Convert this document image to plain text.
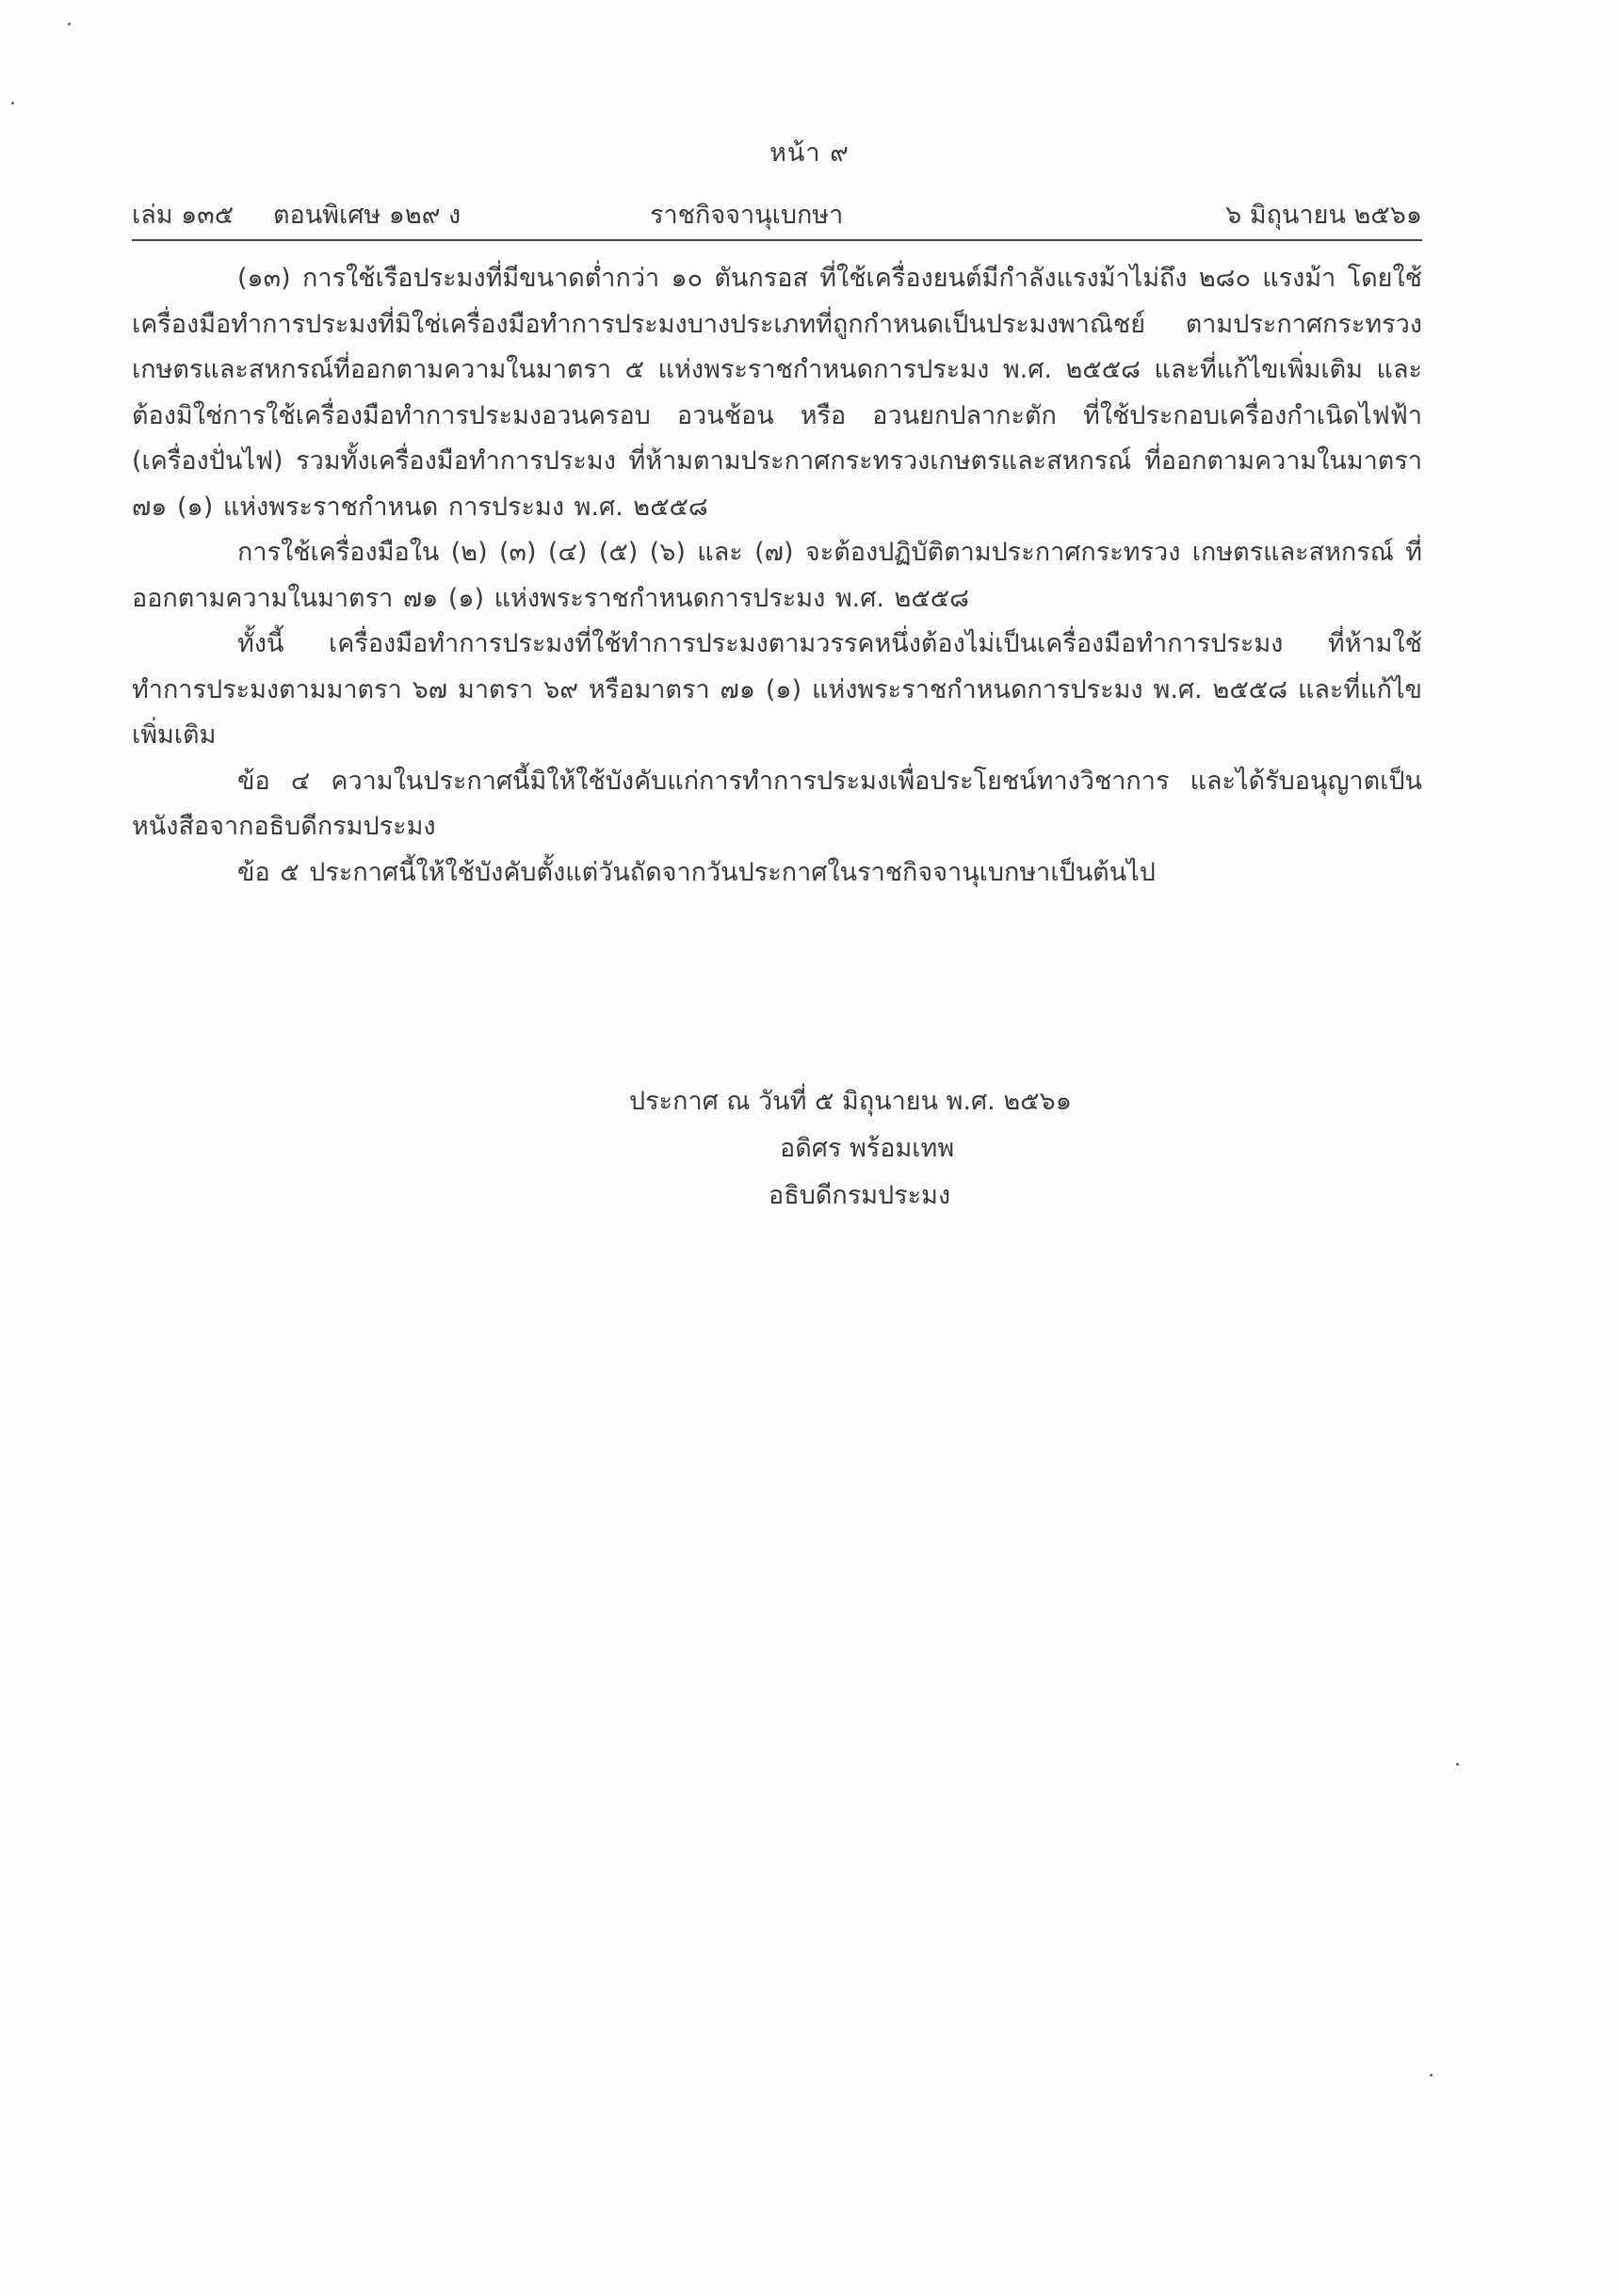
หน้า ๙
เล่ม ๑๓๕ ตอนพิเศษ ๑๒๙ ง	ราชกิจจานุเบกษา	๖ มิถุนายน ๒๕๖๑

(๑๓) การใช้เรือประมงที่มีขนาดต่ำกว่า ๑๐ ตันกรอส ที่ใช้เครื่องยนต์มีกำลังแรงม้าไม่ถึง ๒๘๐ แรงม้า โดยใช้เครื่องมือทำการประมงที่มิใช่เครื่องมือทำการประมงบางประเภทที่ถูกกำหนดเป็นประมงพาณิชย์ ตามประกาศกระทรวงเกษตรและสหกรณ์ที่ออกตามความในมาตรา ๕ แห่งพระราชกำหนดการประมง พ.ศ. ๒๕๕๘ และที่แก้ไขเพิ่มเติม และต้องมิใช่การใช้เครื่องมือทำการประมงอวนครอบ อวนช้อน หรือ อวนยกปลากะตัก ที่ใช้ประกอบเครื่องกำเนิดไฟฟ้า (เครื่องปั่นไฟ) รวมทั้งเครื่องมือทำการประมง ที่ห้ามตามประกาศกระทรวงเกษตรและสหกรณ์ ที่ออกตามความในมาตรา ๗๑ (๑) แห่งพระราชกำหนด การประมง พ.ศ. ๒๕๕๘

การใช้เครื่องมือใน (๒) (๓) (๔) (๕) (๖) และ (๗) จะต้องปฏิบัติตามประกาศกระทรวง เกษตรและสหกรณ์ ที่ออกตามความในมาตรา ๗๑ (๑) แห่งพระราชกำหนดการประมง พ.ศ. ๒๕๕๘

ทั้งนี้ เครื่องมือทำการประมงที่ใช้ทำการประมงตามวรรคหนึ่งต้องไม่เป็นเครื่องมือทำการประมง ที่ห้ามใช้ทำการประมงตามมาตรา ๖๗ มาตรา ๖๙ หรือมาตรา ๗๑ (๑) แห่งพระราชกำหนดการประมง พ.ศ. ๒๕๕๘ และที่แก้ไขเพิ่มเติม

ข้อ ๔ ความในประกาศนี้มิให้ใช้บังคับแก่การทำการประมงเพื่อประโยชน์ทางวิชาการ และได้รับอนุญาตเป็นหนังสือจากอธิบดีกรมประมง

ข้อ ๕ ประกาศนี้ให้ใช้บังคับตั้งแต่วันถัดจากวันประกาศในราชกิจจานุเบกษาเป็นต้นไป

ประกาศ ณ วันที่ ๕ มิถุนายน พ.ศ. ๒๕๖๑
อดิศร พร้อมเทพ
อธิบดีกรมประมง
